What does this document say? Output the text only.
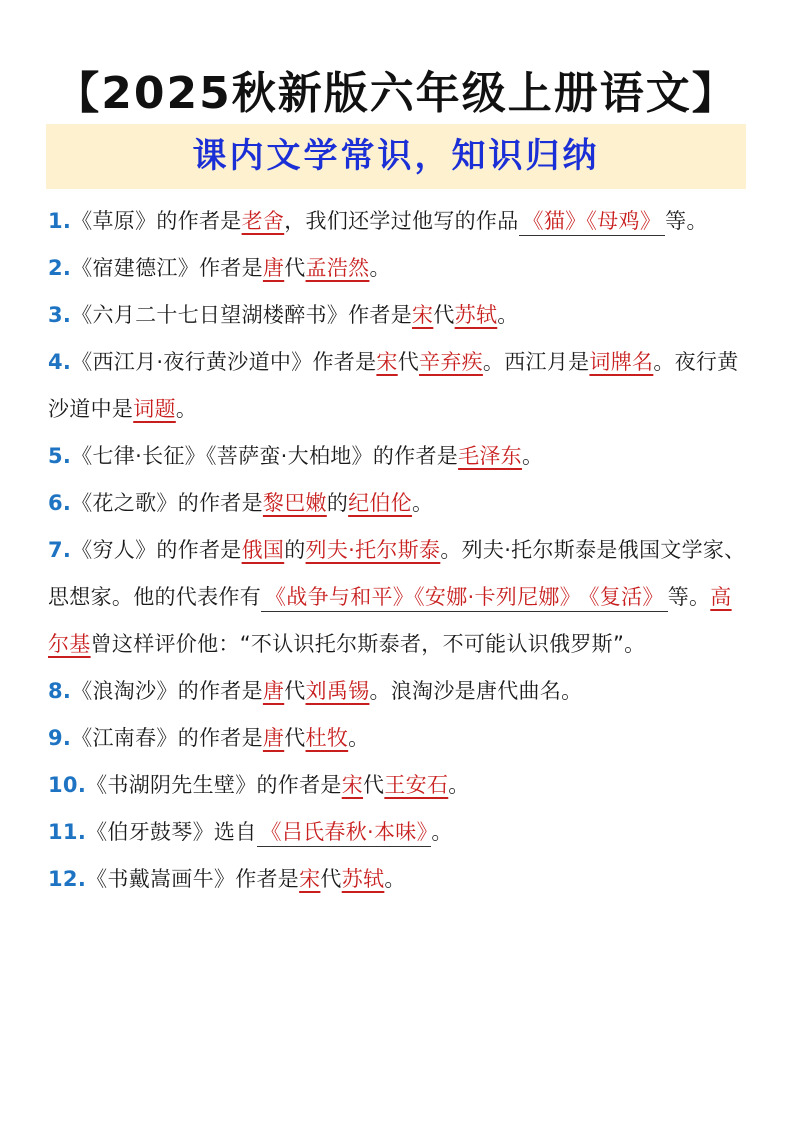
【2025秋新版六年级上册语文】
课内文学常识，知识归纳

1.《草原》的作者是老舍，我们还学过他写的作品 《猫》《母鸡》 等。

2.《宿建德江》作者是唐代孟浩然。

3.《六月二十七日望湖楼醉书》作者是宋代苏轼。

4.《西江月·夜行黄沙道中》作者是宋代辛弃疾。西江月是词牌名。夜行黄沙道中是词题。

5.《七律·长征》《菩萨蛮·大柏地》的作者是毛泽东。

6.《花之歌》的作者是黎巴嫩的纪伯伦。

7.《穷人》的作者是俄国的列夫·托尔斯泰。列夫·托尔斯泰是俄国文学家、思想家。他的代表作有 《战争与和平》《安娜·卡列尼娜》 《复活》 等。高尔基曾这样评价他：“不认识托尔斯泰者，不可能认识俄罗斯”。

8.《浪淘沙》的作者是唐代刘禹锡。浪淘沙是唐代曲名。

9.《江南春》的作者是唐代杜牧。

10.《书湖阴先生壁》的作者是宋代王安石。

11.《伯牙鼓琴》选自 《吕氏春秋·本味》 。

12.《书戴嵩画牛》作者是宋代苏轼。
